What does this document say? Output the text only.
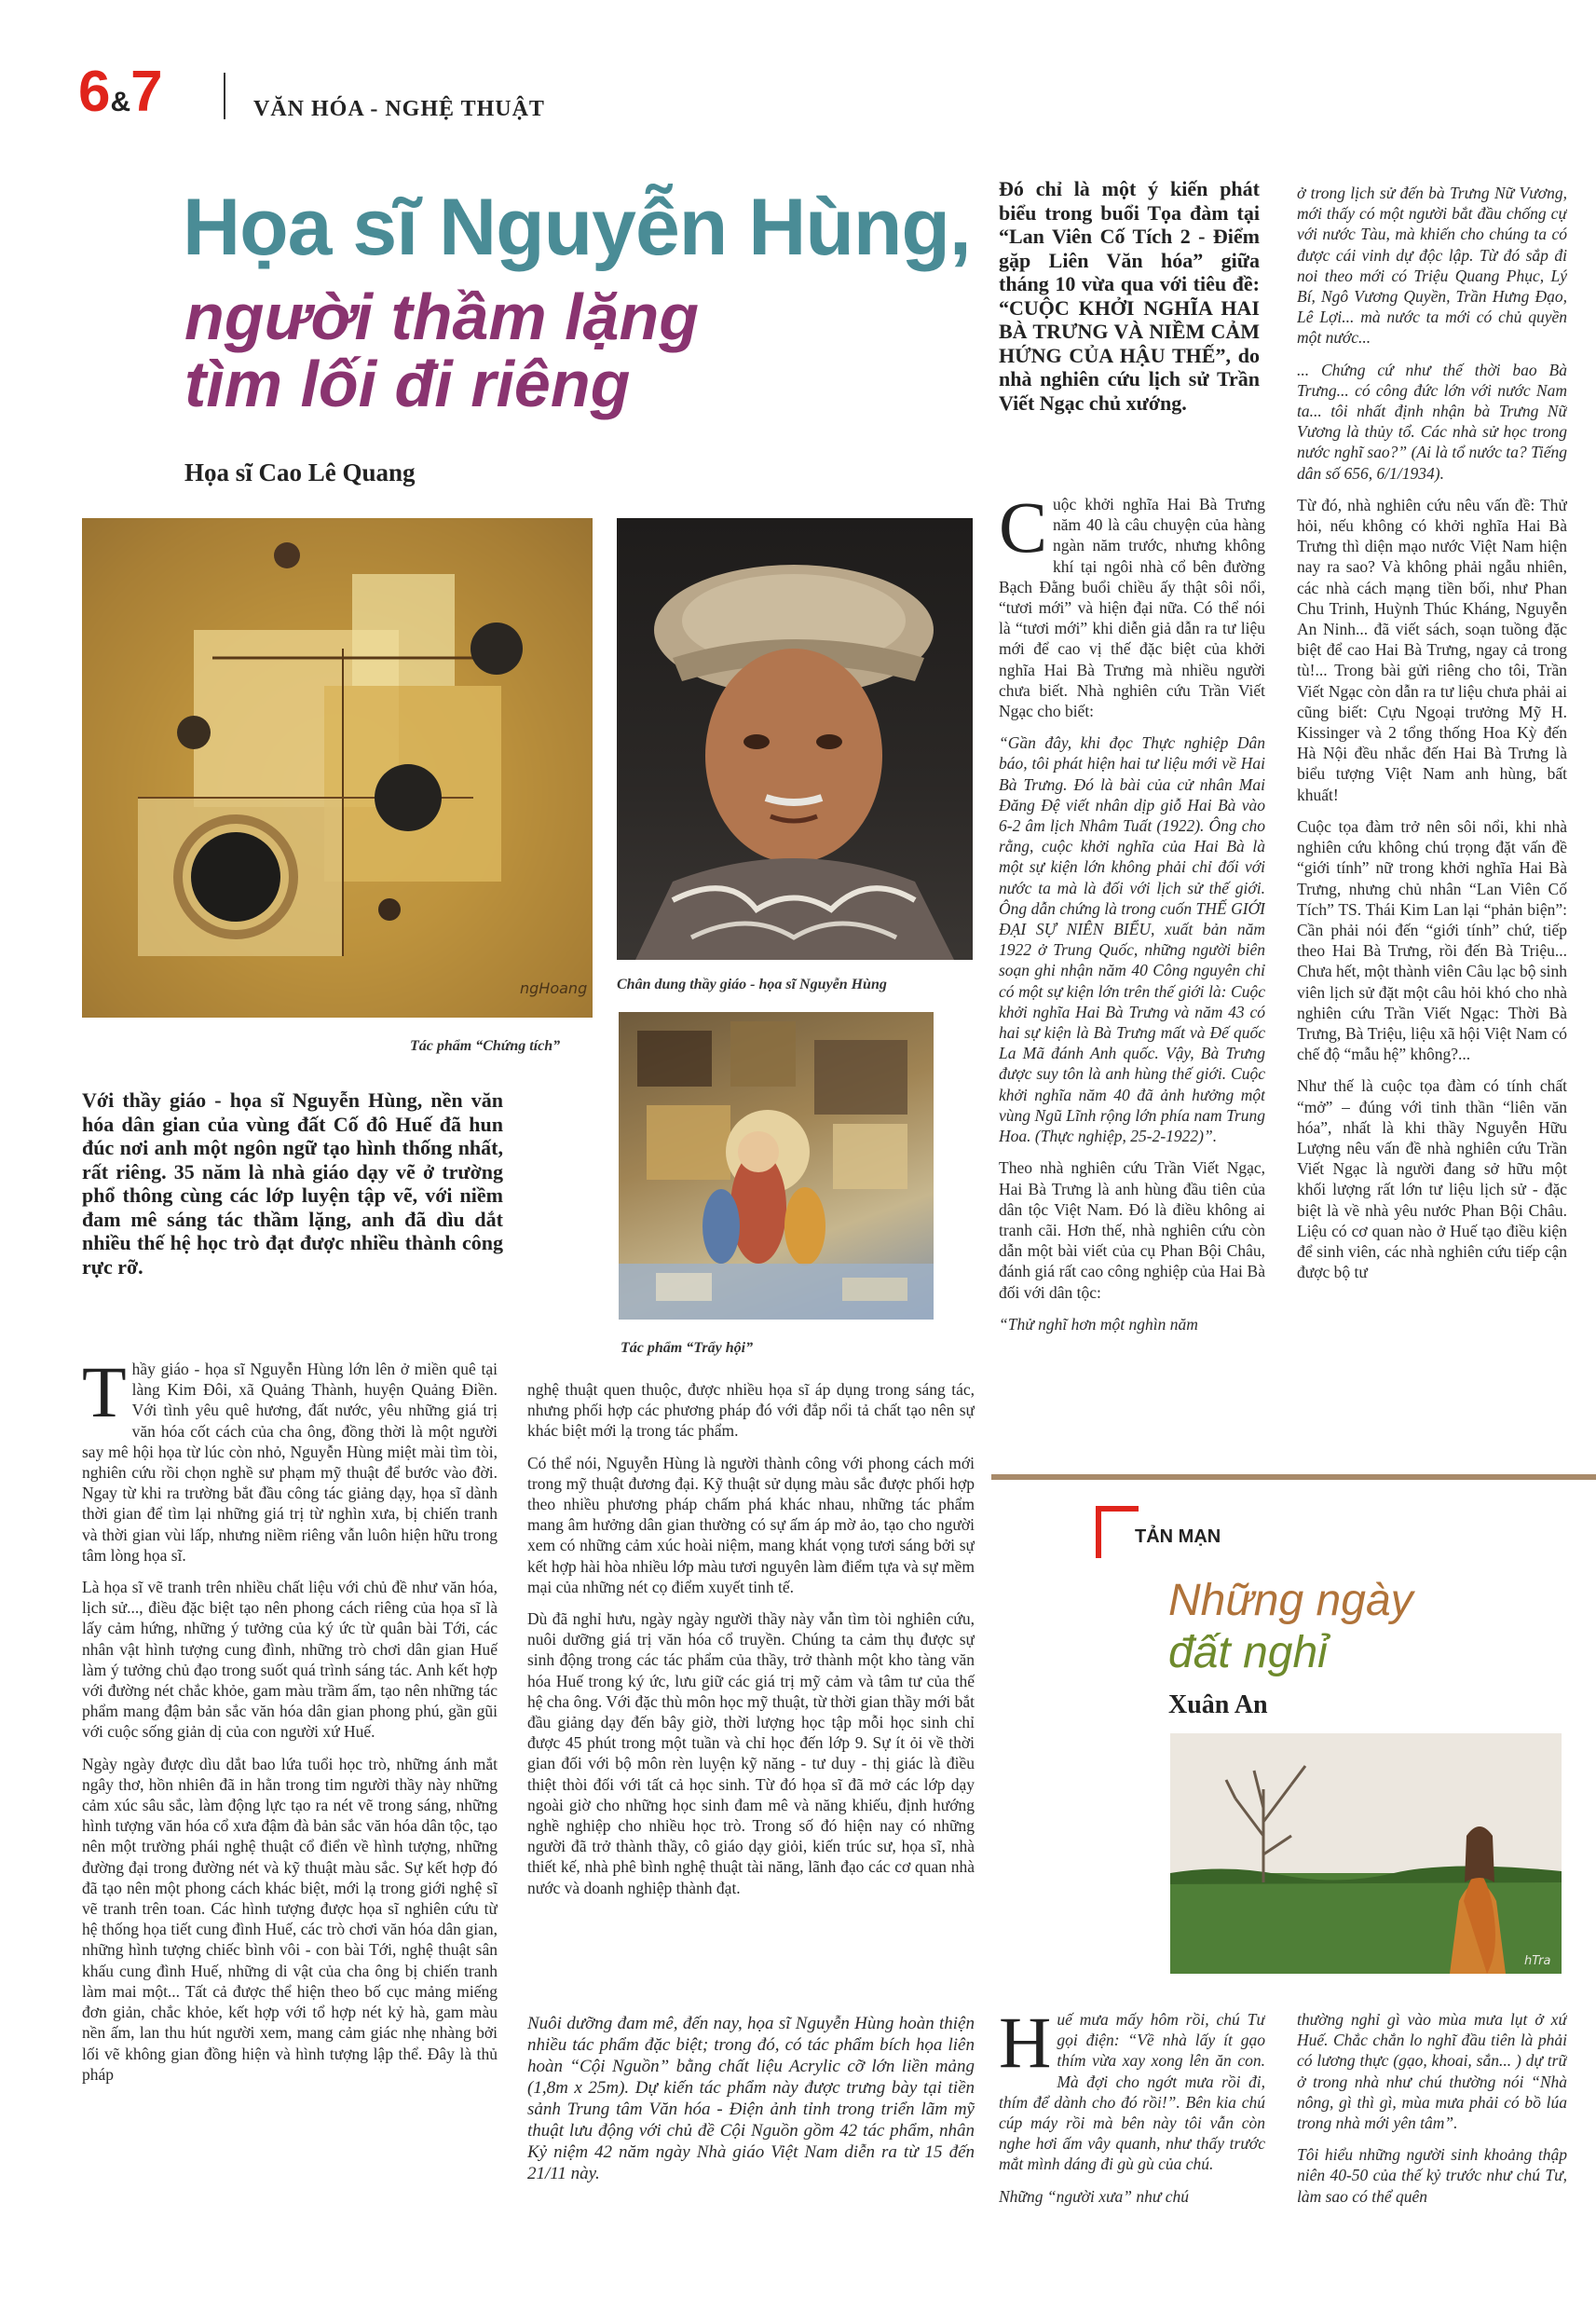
6&7	VĂN HÓA - NGHỆ THUẬT
Họa sĩ Nguyễn Hùng,
người thầm lặng
tìm lối đi riêng
Họa sĩ Cao Lê Quang
ngHoang
Tác phẩm “Chứng tích”
Chân dung thầy giáo - họa sĩ Nguyễn Hùng
Tác phẩm “Trẩy hội”
Với thầy giáo - họa sĩ Nguyễn Hùng, nền văn hóa dân gian của vùng đất Cố đô Huế đã hun đúc nơi anh một ngôn ngữ tạo hình thống nhất, rất riêng. 35 năm là nhà giáo dạy vẽ ở trường phổ thông cùng các lớp luyện tập vẽ, với niềm đam mê sáng tác thầm lặng, anh đã dìu dắt nhiều thế hệ học trò đạt được nhiều thành công rực rỡ.
T hầy giáo - họa sĩ Nguyễn Hùng lớn lên ở miền quê tại làng Kim Đôi, xã Quảng Thành, huyện Quảng Điền. Với tình yêu quê hương, đất nước, yêu những giá trị văn hóa cốt cách của cha ông, đồng thời là một người say mê hội họa từ lúc còn nhỏ, Nguyễn Hùng miệt mài tìm tòi, nghiên cứu rồi chọn nghề sư phạm mỹ thuật để bước vào đời. Ngay từ khi ra trường bắt đầu công tác giảng dạy, họa sĩ dành thời gian để tìm lại những giá trị từ nghìn xưa, bị chiến tranh và thời gian vùi lấp, nhưng niềm riêng vẫn luôn hiện hữu trong tâm lòng họa sĩ.
Là họa sĩ vẽ tranh trên nhiều chất liệu với chủ đề như văn hóa, lịch sử..., điều đặc biệt tạo nên phong cách riêng của họa sĩ là lấy cảm hứng, những ý tưởng của ký ức từ quân bài Tới, các nhân vật hình tượng cung đình, những trò chơi dân gian Huế làm ý tưởng chủ đạo trong suốt quá trình sáng tác. Anh kết hợp với đường nét chắc khỏe, gam màu trầm ấm, tạo nên những tác phẩm mang đậm bản sắc văn hóa dân gian phong phú, gần gũi với cuộc sống giản dị của con người xứ Huế.
Ngày ngày được dìu dắt bao lứa tuổi học trò, những ánh mắt ngây thơ, hồn nhiên đã in hằn trong tim người thầy này những cảm xúc sâu sắc, làm động lực tạo ra nét vẽ trong sáng, những hình tượng văn hóa cổ xưa đậm đà bản sắc văn hóa dân tộc, tạo nên một trường phái nghệ thuật cổ điển về hình tượng, những đường đại trong đường nét và kỹ thuật màu sắc. Sự kết hợp đó đã tạo nên một phong cách khác biệt, mới lạ trong giới nghệ sĩ vẽ tranh trên toan. Các hình tượng được họa sĩ nghiên cứu từ hệ thống họa tiết cung đình Huế, các trò chơi văn hóa dân gian, những hình tượng chiếc bình vôi - con bài Tới, nghệ thuật sân khấu cung đình Huế, những di vật của cha ông bị chiến tranh làm mai một... Tất cả được thể hiện theo bố cục mảng miếng đơn giản, chắc khỏe, kết hợp với tổ hợp nét kỷ hà, gam màu nền ấm, lan thu hút người xem, mang cảm giác nhẹ nhàng bởi lối vẽ không gian đồng hiện và hình tượng lập thể. Đây là thủ pháp
nghệ thuật quen thuộc, được nhiều họa sĩ áp dụng trong sáng tác, nhưng phối hợp các phương pháp đó với đắp nổi tả chất tạo nên sự khác biệt mới lạ trong tác phẩm.
Có thể nói, Nguyễn Hùng là người thành công với phong cách mới trong mỹ thuật đương đại. Kỹ thuật sử dụng màu sắc được phối hợp theo nhiều phương pháp chấm phá khác nhau, những tác phẩm mang âm hưởng dân gian thường có sự ấm áp mờ ảo, tạo cho người xem có những cảm xúc hoài niệm, mang khát vọng tươi sáng bởi sự kết hợp hài hòa nhiều lớp màu tươi nguyên làm điểm tựa và sự mềm mại của những nét cọ điểm xuyết tinh tế.
Dù đã nghỉ hưu, ngày ngày người thầy này vẫn tìm tòi nghiên cứu, nuôi dưỡng giá trị văn hóa cổ truyền. Chúng ta cảm thụ được sự sinh động trong các tác phẩm của thầy, trở thành một kho tàng văn hóa Huế trong ký ức, lưu giữ các giá trị mỹ cảm và tâm tư của thế hệ cha ông. Với đặc thù môn học mỹ thuật, từ thời gian thầy mới bắt đầu giảng dạy đến bây giờ, thời lượng học tập mỗi học sinh chỉ được 45 phút trong một tuần và chỉ học đến lớp 9. Sự ít ỏi về thời gian đối với bộ môn rèn luyện kỹ năng - tư duy - thị giác là điều thiệt thòi đối với tất cả học sinh. Từ đó họa sĩ đã mở các lớp dạy ngoài giờ cho những học sinh đam mê và năng khiếu, định hướng nghề nghiệp cho nhiều học trò. Trong số đó hiện nay có những người đã trở thành thầy, cô giáo dạy giỏi, kiến trúc sư, họa sĩ, nhà thiết kế, nhà phê bình nghệ thuật tài năng, lãnh đạo các cơ quan nhà nước và doanh nghiệp thành đạt.
Nuôi dưỡng đam mê, đến nay, họa sĩ Nguyễn Hùng hoàn thiện nhiều tác phẩm đặc biệt; trong đó, có tác phẩm bích họa liên hoàn “Cội Nguồn” bằng chất liệu Acrylic cỡ lớn liền mảng (1,8m x 25m). Dự kiến tác phẩm này được trưng bày tại tiền sảnh Trung tâm Văn hóa - Điện ảnh tỉnh trong triển lãm mỹ thuật lưu động với chủ đề Cội Nguồn gồm 42 tác phẩm, nhân Kỷ niệm 42 năm ngày Nhà giáo Việt Nam diễn ra từ 15 đến 21/11 này.
Đó chỉ là một ý kiến phát biểu trong buổi Tọa đàm tại “Lan Viên Cố Tích 2 - Điểm gặp Liên Văn hóa” giữa tháng 10 vừa qua với tiêu đề: “CUỘC KHỞI NGHĨA HAI BÀ TRƯNG VÀ NIỀM CẢM HỨNG CỦA HẬU THẾ”, do nhà nghiên cứu lịch sử Trần Viết Ngạc chủ xướng.
C uộc khởi nghĩa Hai Bà Trưng năm 40 là câu chuyện của hàng ngàn năm trước, nhưng không khí tại ngôi nhà cổ bên đường Bạch Đằng buổi chiều ấy thật sôi nổi, “tươi mới” và hiện đại nữa. Có thể nói là “tươi mới” khi diễn giả dẫn ra tư liệu mới để cao vị thế đặc biệt của khởi nghĩa Hai Bà Trưng mà nhiều người chưa biết. Nhà nghiên cứu Trần Viết Ngạc cho biết:
“Gần đây, khi đọc Thực nghiệp Dân báo, tôi phát hiện hai tư liệu mới về Hai Bà Trưng. Đó là bài của cử nhân Mai Đăng Đệ viết nhân dịp giỗ Hai Bà vào 6-2 âm lịch Nhâm Tuất (1922). Ông cho rằng, cuộc khởi nghĩa của Hai Bà là một sự kiện lớn không phải chỉ đối với nước ta mà là đối với lịch sử thế giới. Ông dẫn chứng là trong cuốn THẾ GIỚI ĐẠI SỰ NIÊN BIỂU, xuất bản năm 1922 ở Trung Quốc, những người biên soạn ghi nhận năm 40 Công nguyên chỉ có một sự kiện lớn trên thế giới là: Cuộc khởi nghĩa Hai Bà Trưng và năm 43 có hai sự kiện là Bà Trưng mất và Đế quốc La Mã đánh Anh quốc. Vậy, Bà Trưng được suy tôn là anh hùng thế giới. Cuộc khởi nghĩa năm 40 đã ảnh hưởng một vùng Ngũ Lĩnh rộng lớn phía nam Trung Hoa. (Thực nghiệp, 25-2-1922)”.
Theo nhà nghiên cứu Trần Viết Ngạc, Hai Bà Trưng là anh hùng đầu tiên của dân tộc Việt Nam. Đó là điều không ai tranh cãi. Hơn thế, nhà nghiên cứu còn dẫn một bài viết của cụ Phan Bội Châu, đánh giá rất cao công nghiệp của Hai Bà đối với dân tộc:
“Thử nghĩ hơn một nghìn năm
ở trong lịch sử đến bà Trưng Nữ Vương, mới thấy có một người bắt đầu chống cự với nước Tàu, mà khiến cho chúng ta có được cái vinh dự độc lập. Từ đó sắp đi noi theo mới có Triệu Quang Phục, Lý Bí, Ngô Vương Quyền, Trần Hưng Đạo, Lê Lợi... mà nước ta mới có chủ quyền một nước...
... Chứng cứ như thế thời bao Bà Trưng... có công đức lớn với nước Nam ta... tôi nhất định nhận bà Trưng Nữ Vương là thủy tổ. Các nhà sử học trong nước nghĩ sao?” (Ai là tổ nước ta? Tiếng dân số 656, 6/1/1934).
Từ đó, nhà nghiên cứu nêu vấn đề: Thử hỏi, nếu không có khởi nghĩa Hai Bà Trưng thì diện mạo nước Việt Nam hiện nay ra sao? Và không phải ngẫu nhiên, các nhà cách mạng tiền bối, như Phan Chu Trinh, Huỳnh Thúc Kháng, Nguyễn An Ninh... đã viết sách, soạn tuồng đặc biệt để cao Hai Bà Trưng, ngay cả trong tù!... Trong bài gửi riêng cho tôi, Trần Viết Ngạc còn dẫn ra tư liệu chưa phải ai cũng biết: Cựu Ngoại trưởng Mỹ H. Kissinger và 2 tổng thống Hoa Kỳ đến Hà Nội đều nhắc đến Hai Bà Trưng là biểu tượng Việt Nam anh hùng, bất khuất!
Cuộc tọa đàm trở nên sôi nổi, khi nhà nghiên cứu không chú trọng đặt vấn đề “giới tính” nữ trong khởi nghĩa Hai Bà Trưng, nhưng chủ nhân “Lan Viên Cố Tích” TS. Thái Kim Lan lại “phản biện”: Cần phải nói đến “giới tính” chứ, tiếp theo Hai Bà Trưng, rồi đến Bà Triệu... Chưa hết, một thành viên Câu lạc bộ sinh viên lịch sử đặt một câu hỏi khó cho nhà nghiên cứu Trần Viết Ngạc: Thời Bà Trưng, Bà Triệu, liệu xã hội Việt Nam có chế độ “mẫu hệ” không?...
Như thế là cuộc tọa đàm có tính chất “mở” – đúng với tinh thần “liên văn hóa”, nhất là khi thầy Nguyễn Hữu Lượng nêu vấn đề nhà nghiên cứu Trần Viết Ngạc là người đang sở hữu một khối lượng rất lớn tư liệu lịch sử - đặc biệt là về nhà yêu nước Phan Bội Châu. Liệu có cơ quan nào ở Huế tạo điều kiện để sinh viên, các nhà nghiên cứu tiếp cận được bộ tư
TẢN MẠN
Những ngày
đất nghỉ
Xuân An
hTra
H uế mưa mấy hôm rồi, chú Tư gọi điện: “Về nhà lấy ít gạo thím vừa xay xong lên ăn con. Mà đợi cho ngớt mưa rồi đi, thím để dành cho đó rồi!”. Bên kia chú cúp máy rồi mà bên này tôi vẫn còn nghe hơi ấm vây quanh, như thấy trước mắt mình dáng đi gù gù của chú.
Những “người xưa” như chú
thường nghỉ gì vào mùa mưa lụt ở xứ Huế. Chắc chắn lo nghĩ đầu tiên là phải có lương thực (gạo, khoai, sắn... ) dự trữ ở trong nhà như chú thường nói “Nhà nông, gì thì gì, mùa mưa phải có bồ lúa trong nhà mới yên tâm”.
Tôi hiểu những người sinh khoảng thập niên 40-50 của thế kỷ trước như chú Tư, làm sao có thể quên
